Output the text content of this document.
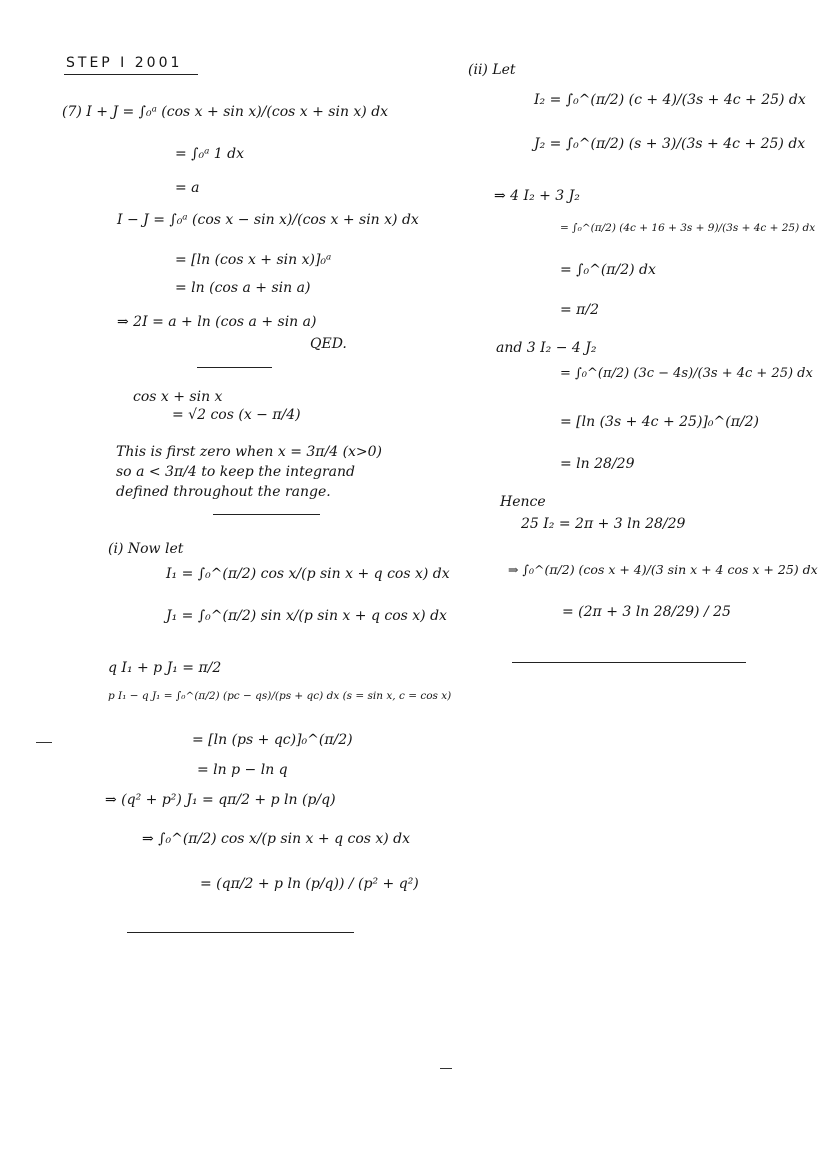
STEP I 2001
(7) I + J = ∫₀ᵃ (cos x + sin x)/(cos x + sin x) dx
= ∫₀ᵃ 1 dx
= a
I − J = ∫₀ᵃ (cos x − sin x)/(cos x + sin x) dx
= [ln (cos x + sin x)]₀ᵃ
= ln (cos a + sin a)
⇒ 2I = a + ln (cos a + sin a)
QED.
cos x + sin x
= √2 cos (x − π/4)
This is first zero when x = 3π/4 (x>0)
so a < 3π/4 to keep the integrand
defined throughout the range.
(i) Now let
I₁ = ∫₀^(π/2) cos x/(p sin x + q cos x) dx
J₁ = ∫₀^(π/2) sin x/(p sin x + q cos x) dx
q I₁ + p J₁ = π/2
p I₁ − q J₁ = ∫₀^(π/2) (pc − qs)/(ps + qc) dx (s = sin x, c = cos x)
= [ln (ps + qc)]₀^(π/2)
= ln p − ln q
⇒ (q² + p²) J₁ = qπ/2 + p ln (p/q)
⇒ ∫₀^(π/2) cos x/(p sin x + q cos x) dx
= (qπ/2 + p ln (p/q)) / (p² + q²)
(ii) Let
I₂ = ∫₀^(π/2) (c + 4)/(3s + 4c + 25) dx
J₂ = ∫₀^(π/2) (s + 3)/(3s + 4c + 25) dx
⇒ 4 I₂ + 3 J₂
= ∫₀^(π/2) (4c + 16 + 3s + 9)/(3s + 4c + 25) dx
= ∫₀^(π/2) dx
= π/2
and 3 I₂ − 4 J₂
= ∫₀^(π/2) (3c − 4s)/(3s + 4c + 25) dx
= [ln (3s + 4c + 25)]₀^(π/2)
= ln 28/29
Hence
25 I₂ = 2π + 3 ln 28/29
⇒ ∫₀^(π/2) (cos x + 4)/(3 sin x + 4 cos x + 25) dx
= (2π + 3 ln 28/29) / 25
